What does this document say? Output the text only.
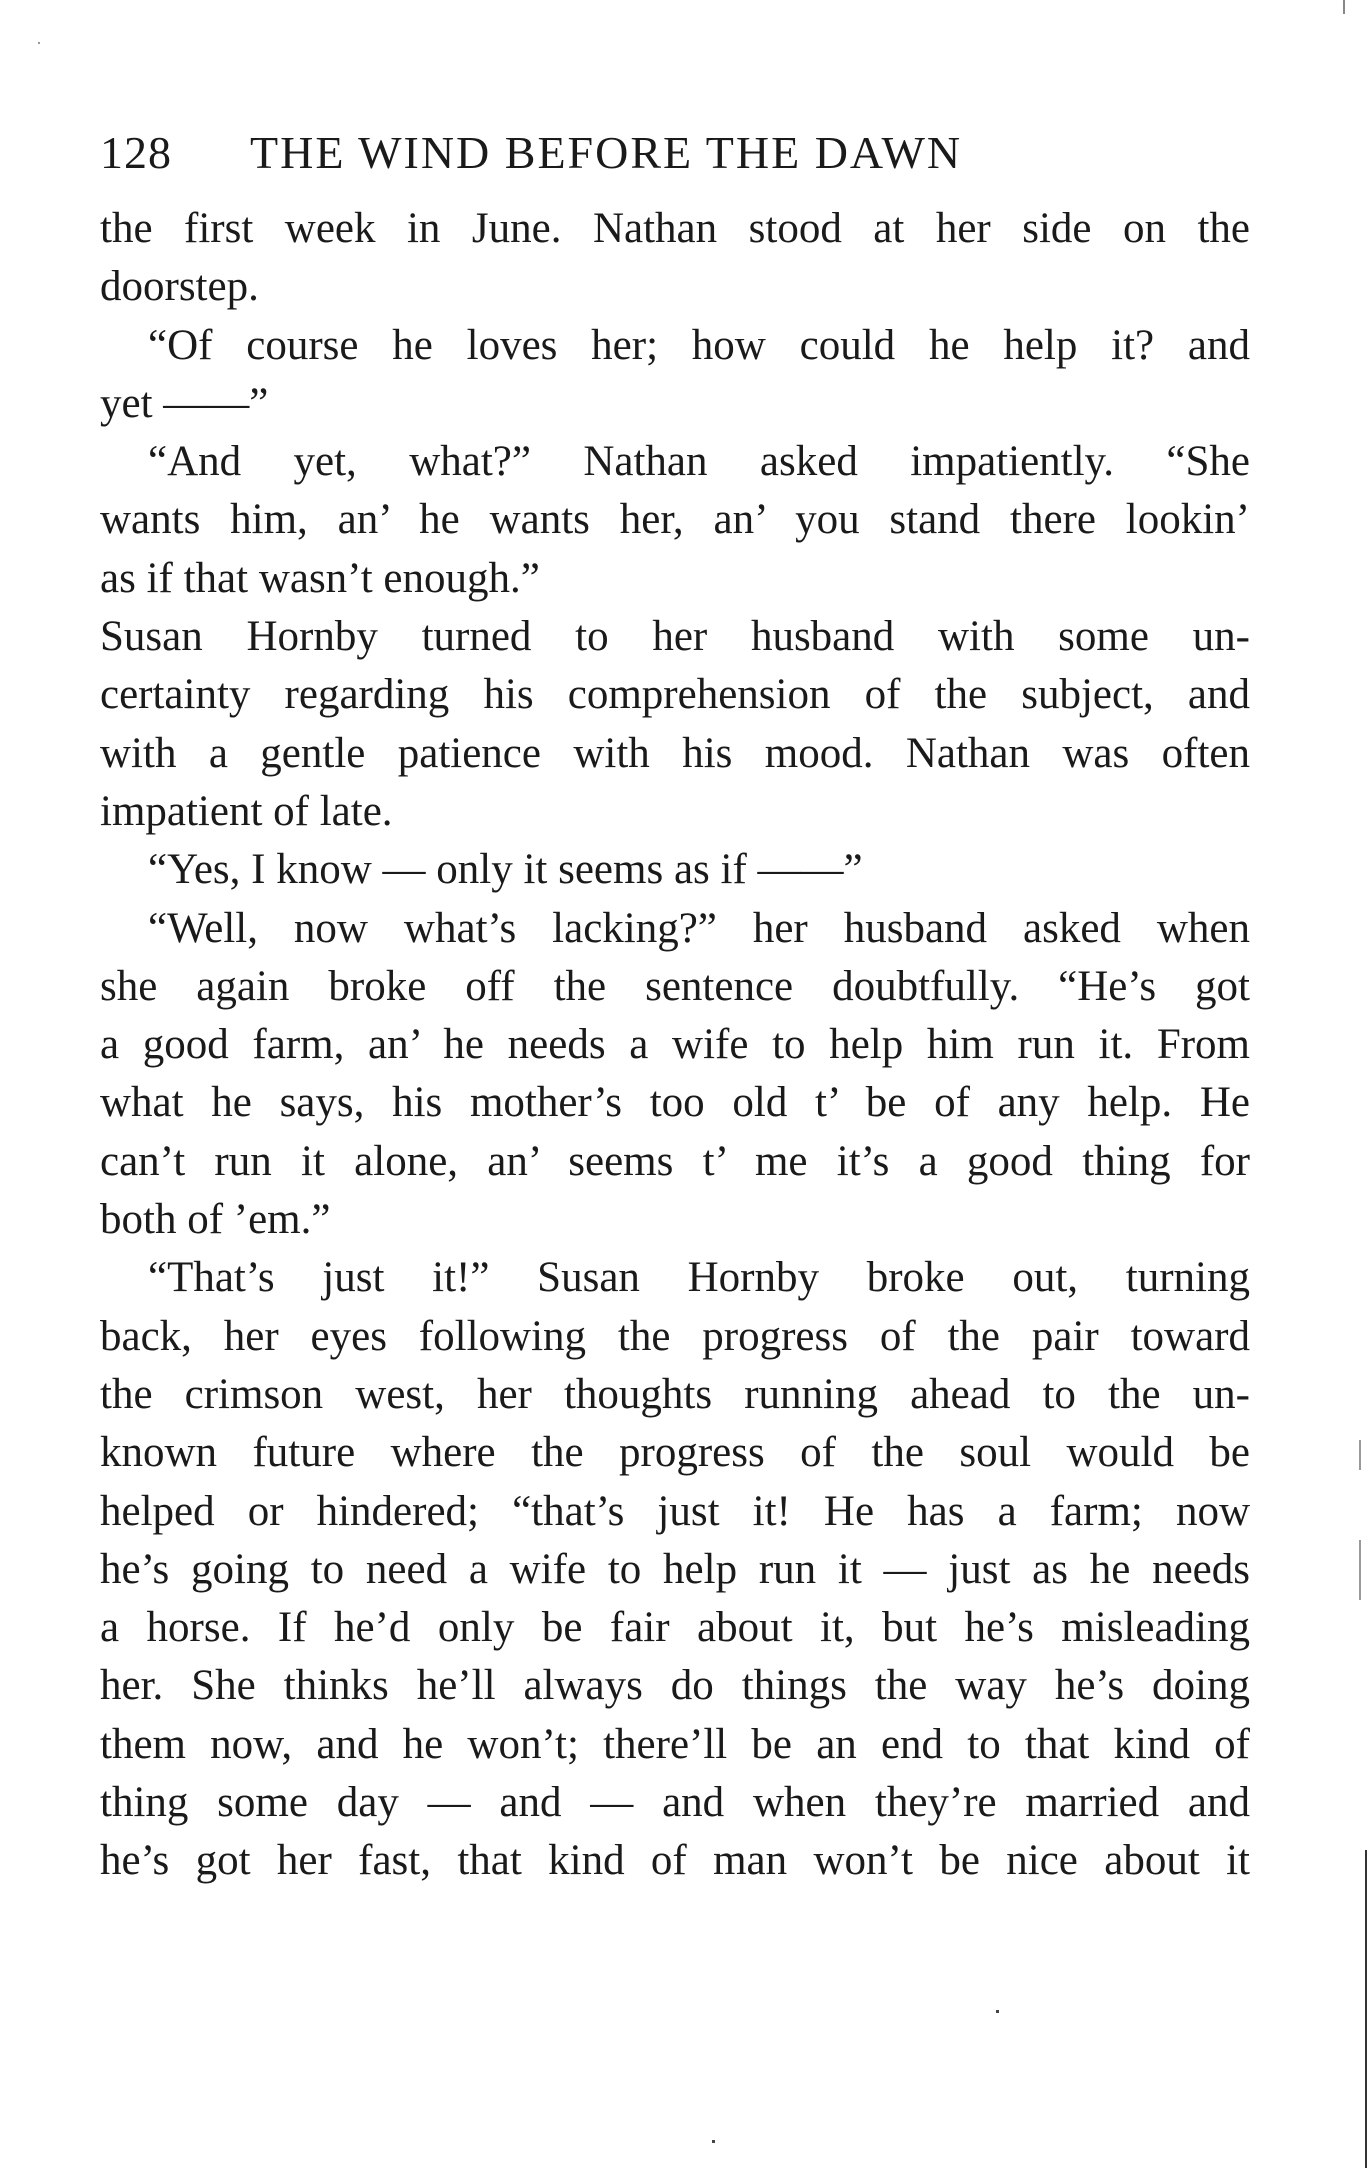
128 THE WIND BEFORE THE DAWN
the first week in June. Nathan stood at her side on the
doorstep.
“Of course he loves her; how could he help it? and
yet ——”
“And yet, what?” Nathan asked impatiently. “She
wants him, an’ he wants her, an’ you stand there lookin’
as if that wasn’t enough.”
Susan Hornby turned to her husband with some un-
certainty regarding his comprehension of the subject, and
with a gentle patience with his mood. Nathan was often
impatient of late.
“Yes, I know — only it seems as if ——”
“Well, now what’s lacking?” her husband asked when
she again broke off the sentence doubtfully. “He’s got
a good farm, an’ he needs a wife to help him run it. From
what he says, his mother’s too old t’ be of any help. He
can’t run it alone, an’ seems t’ me it’s a good thing for
both of ’em.”
“That’s just it!” Susan Hornby broke out, turning
back, her eyes following the progress of the pair toward
the crimson west, her thoughts running ahead to the un-
known future where the progress of the soul would be
helped or hindered; “that’s just it! He has a farm; now
he’s going to need a wife to help run it — just as he needs
a horse. If he’d only be fair about it, but he’s misleading
her. She thinks he’ll always do things the way he’s doing
them now, and he won’t; there’ll be an end to that kind of
thing some day — and — and when they’re married and
he’s got her fast, that kind of man won’t be nice about it
